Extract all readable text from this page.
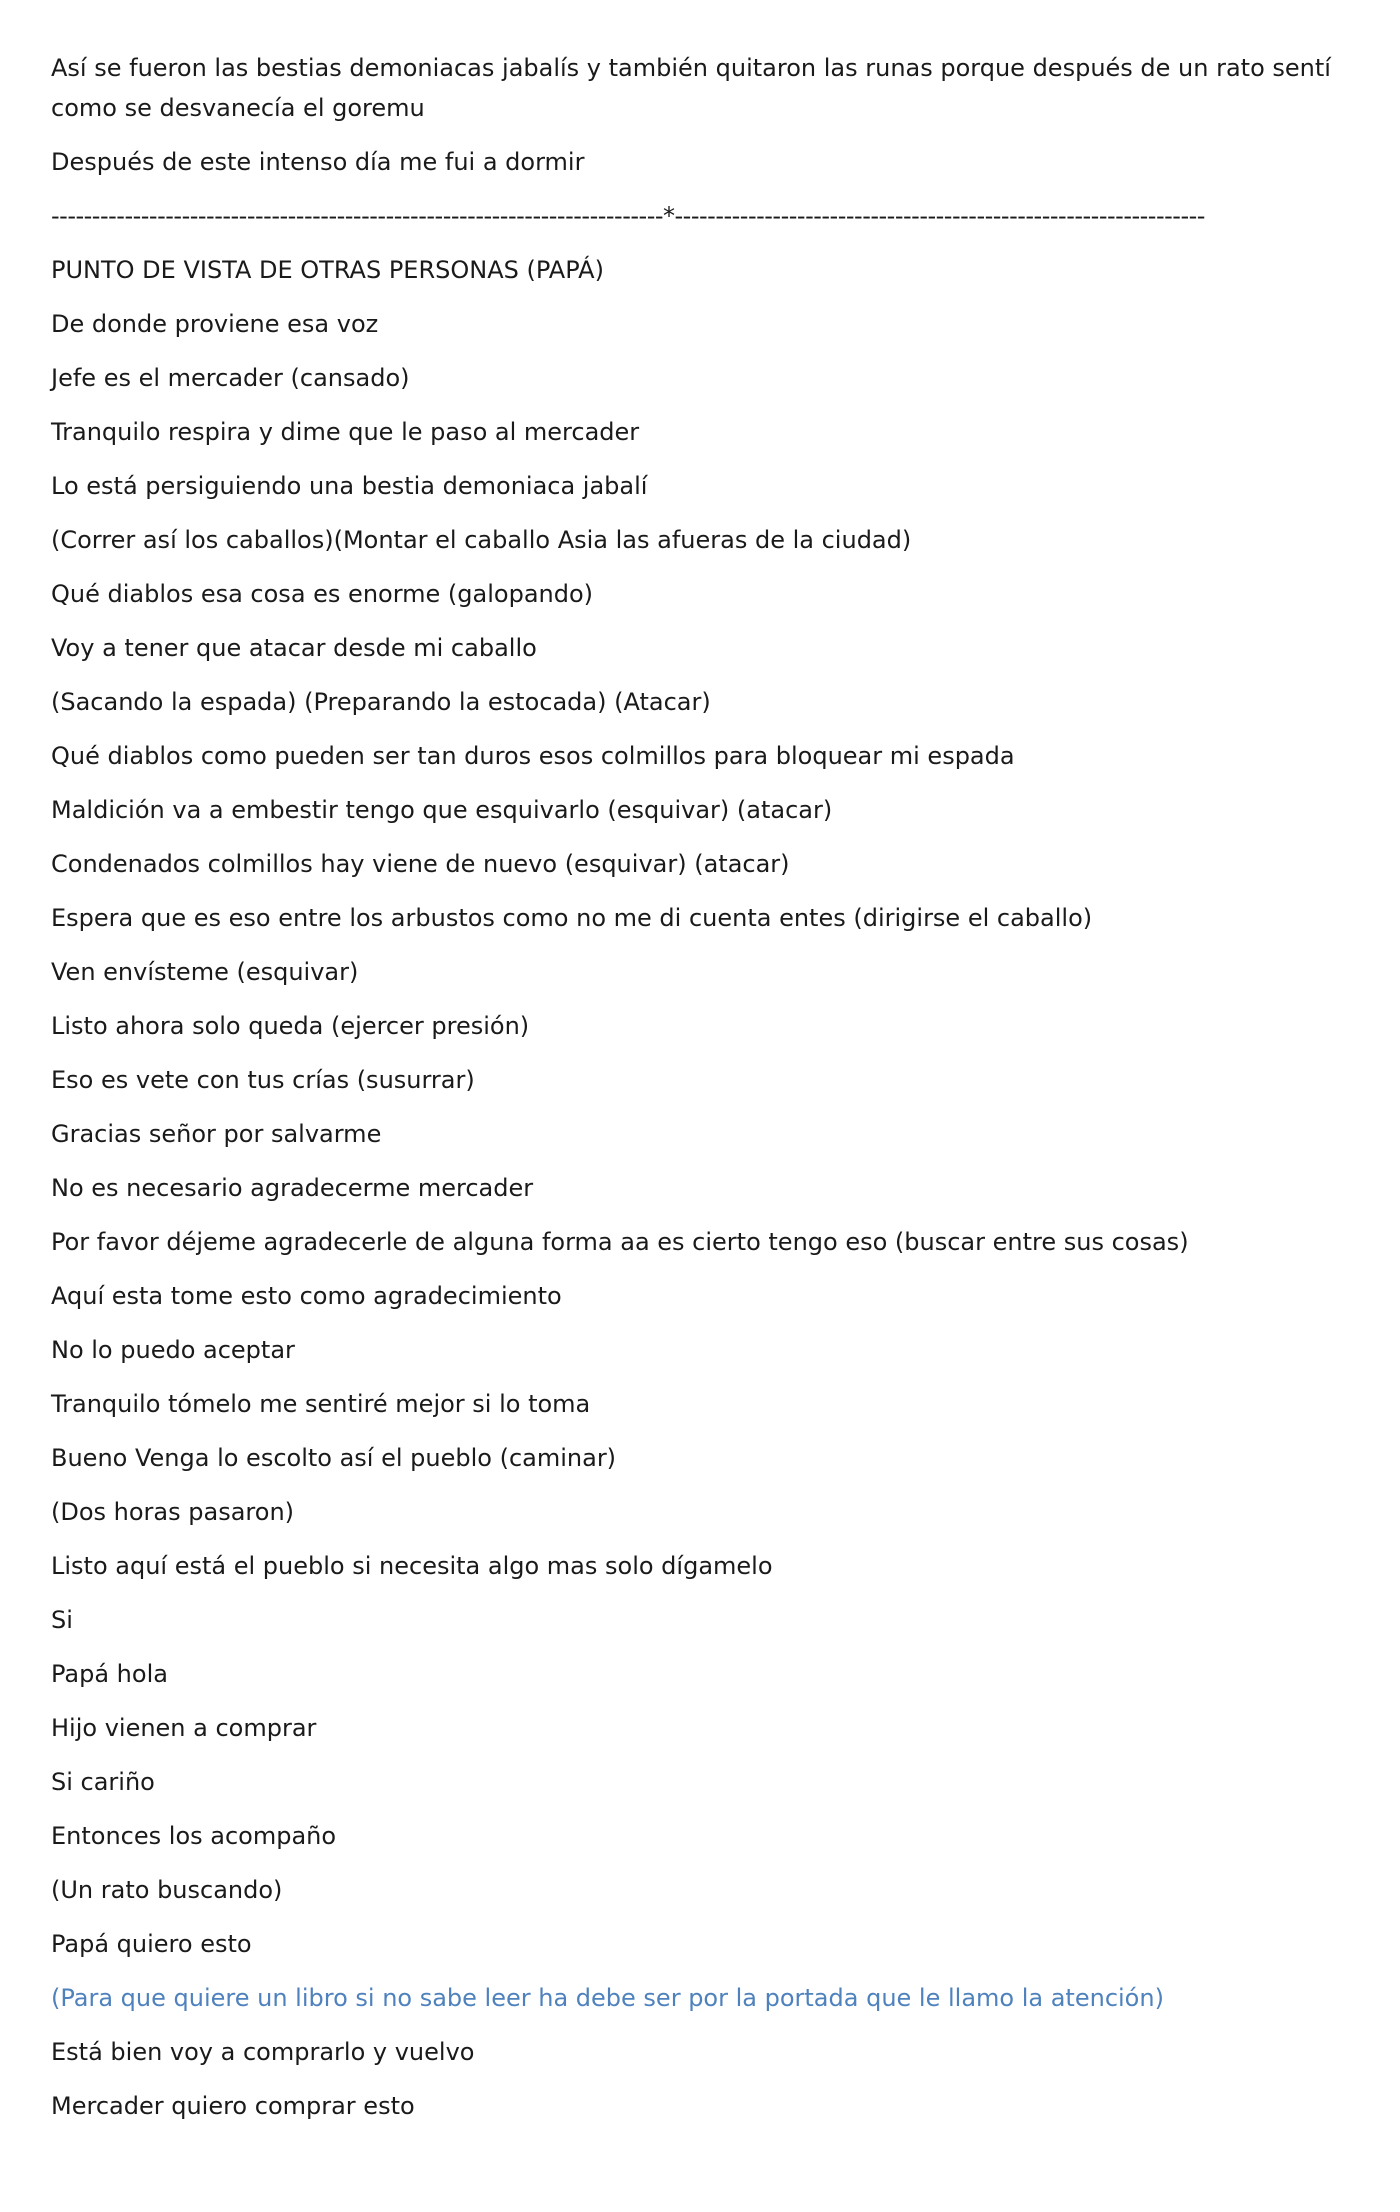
Así se fueron las bestias demoniacas jabalís y también quitaron las runas porque después de un rato sentí como se desvanecía el goremu

Después de este intenso día me fui a dormir

---------------------------------------------------------------------------*-----------------------------------------------------------------

PUNTO DE VISTA DE OTRAS PERSONAS (PAPÁ)

De donde proviene esa voz

Jefe es el mercader (cansado)

Tranquilo respira y dime que le paso al mercader

Lo está persiguiendo una bestia demoniaca jabalí

(Correr así los caballos)(Montar el caballo Asia las afueras de la ciudad)

Qué diablos esa cosa es enorme (galopando)

Voy a tener que atacar desde mi caballo

(Sacando la espada) (Preparando la estocada) (Atacar)

Qué diablos como pueden ser tan duros esos colmillos para bloquear mi espada

Maldición va a embestir tengo que esquivarlo (esquivar) (atacar)

Condenados colmillos hay viene de nuevo (esquivar) (atacar)

Espera que es eso entre los arbustos como no me di cuenta entes (dirigirse el caballo)

Ven envísteme (esquivar)

Listo ahora solo queda (ejercer presión)

Eso es vete con tus crías (susurrar)

Gracias señor por salvarme

No es necesario agradecerme mercader

Por favor déjeme agradecerle de alguna forma aa es cierto tengo eso (buscar entre sus cosas)

Aquí esta tome esto como agradecimiento

No lo puedo aceptar

Tranquilo tómelo me sentiré mejor si lo toma

Bueno Venga lo escolto así el pueblo (caminar)

(Dos horas pasaron)

Listo aquí está el pueblo si necesita algo mas solo dígamelo

Si

Papá hola

Hijo vienen a comprar

Si cariño

Entonces los acompaño

(Un rato buscando)

Papá quiero esto

(Para que quiere un libro si no sabe leer ha debe ser por la portada que le llamo la atención)

Está bien voy a comprarlo y vuelvo

Mercader quiero comprar esto
